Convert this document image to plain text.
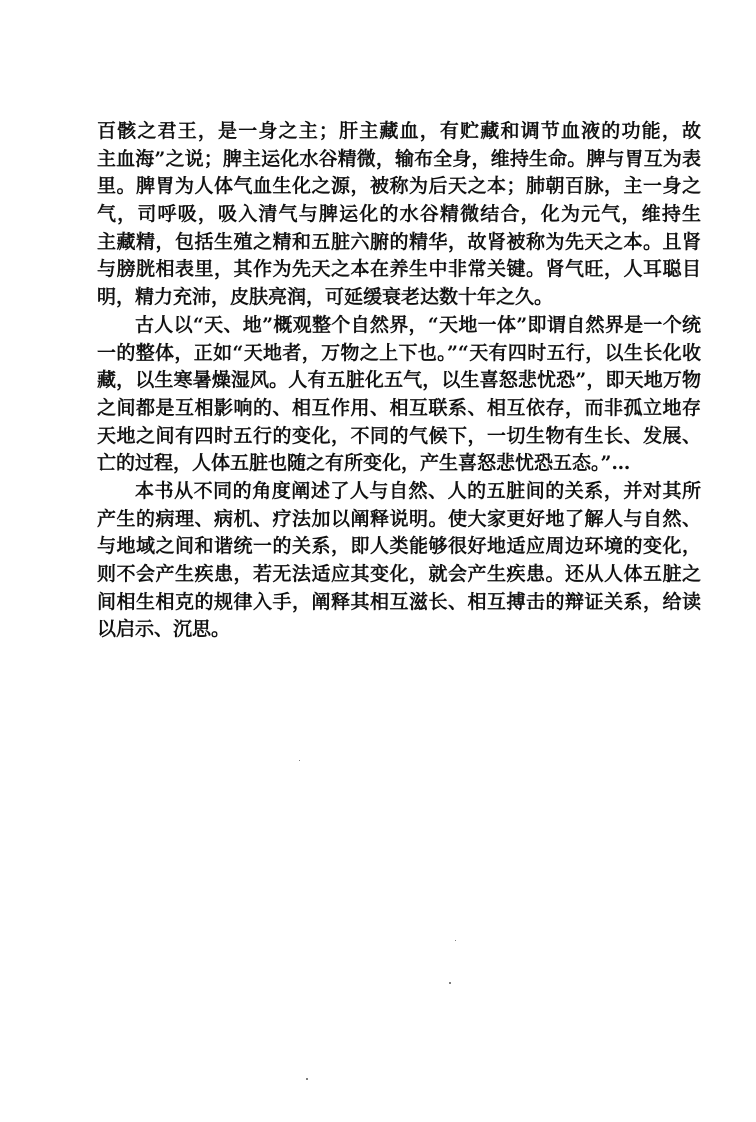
百骸之君王，是一身之主；肝主藏血，有贮藏和调节血液的功能，故
主血海”之说；脾主运化水谷精微，输布全身，维持生命。脾与胃互为表
里。脾胃为人体气血生化之源，被称为后天之本；肺朝百脉，主一身之
气，司呼吸，吸入清气与脾运化的水谷精微结合，化为元气，维持生
主藏精，包括生殖之精和五脏六腑的精华，故肾被称为先天之本。且肾
与膀胱相表里，其作为先天之本在养生中非常关键。肾气旺，人耳聪目
明，精力充沛，皮肤亮润，可延缓衰老达数十年之久。
古人以“天、地”概观整个自然界，“天地一体”即谓自然界是一个统
一的整体，正如“天地者，万物之上下也。”“天有四时五行，以生长化收
藏，以生寒暑燥湿风。人有五脏化五气，以生喜怒悲忧恐”，即天地万物
之间都是互相影响的、相互作用、相互联系、相互依存，而非孤立地存
天地之间有四时五行的变化，不同的气候下，一切生物有生长、发展、
亡的过程，人体五脏也随之有所变化，产生喜怒悲忧恐五态。”…
本书从不同的角度阐述了人与自然、人的五脏间的关系，并对其所
产生的病理、病机、疗法加以阐释说明。使大家更好地了解人与自然、
与地域之间和谐统一的关系，即人类能够很好地适应周边环境的变化，
则不会产生疾患，若无法适应其变化，就会产生疾患。还从人体五脏之
间相生相克的规律入手，阐释其相互滋长、相互搏击的辩证关系，给读
以启示、沉思。
